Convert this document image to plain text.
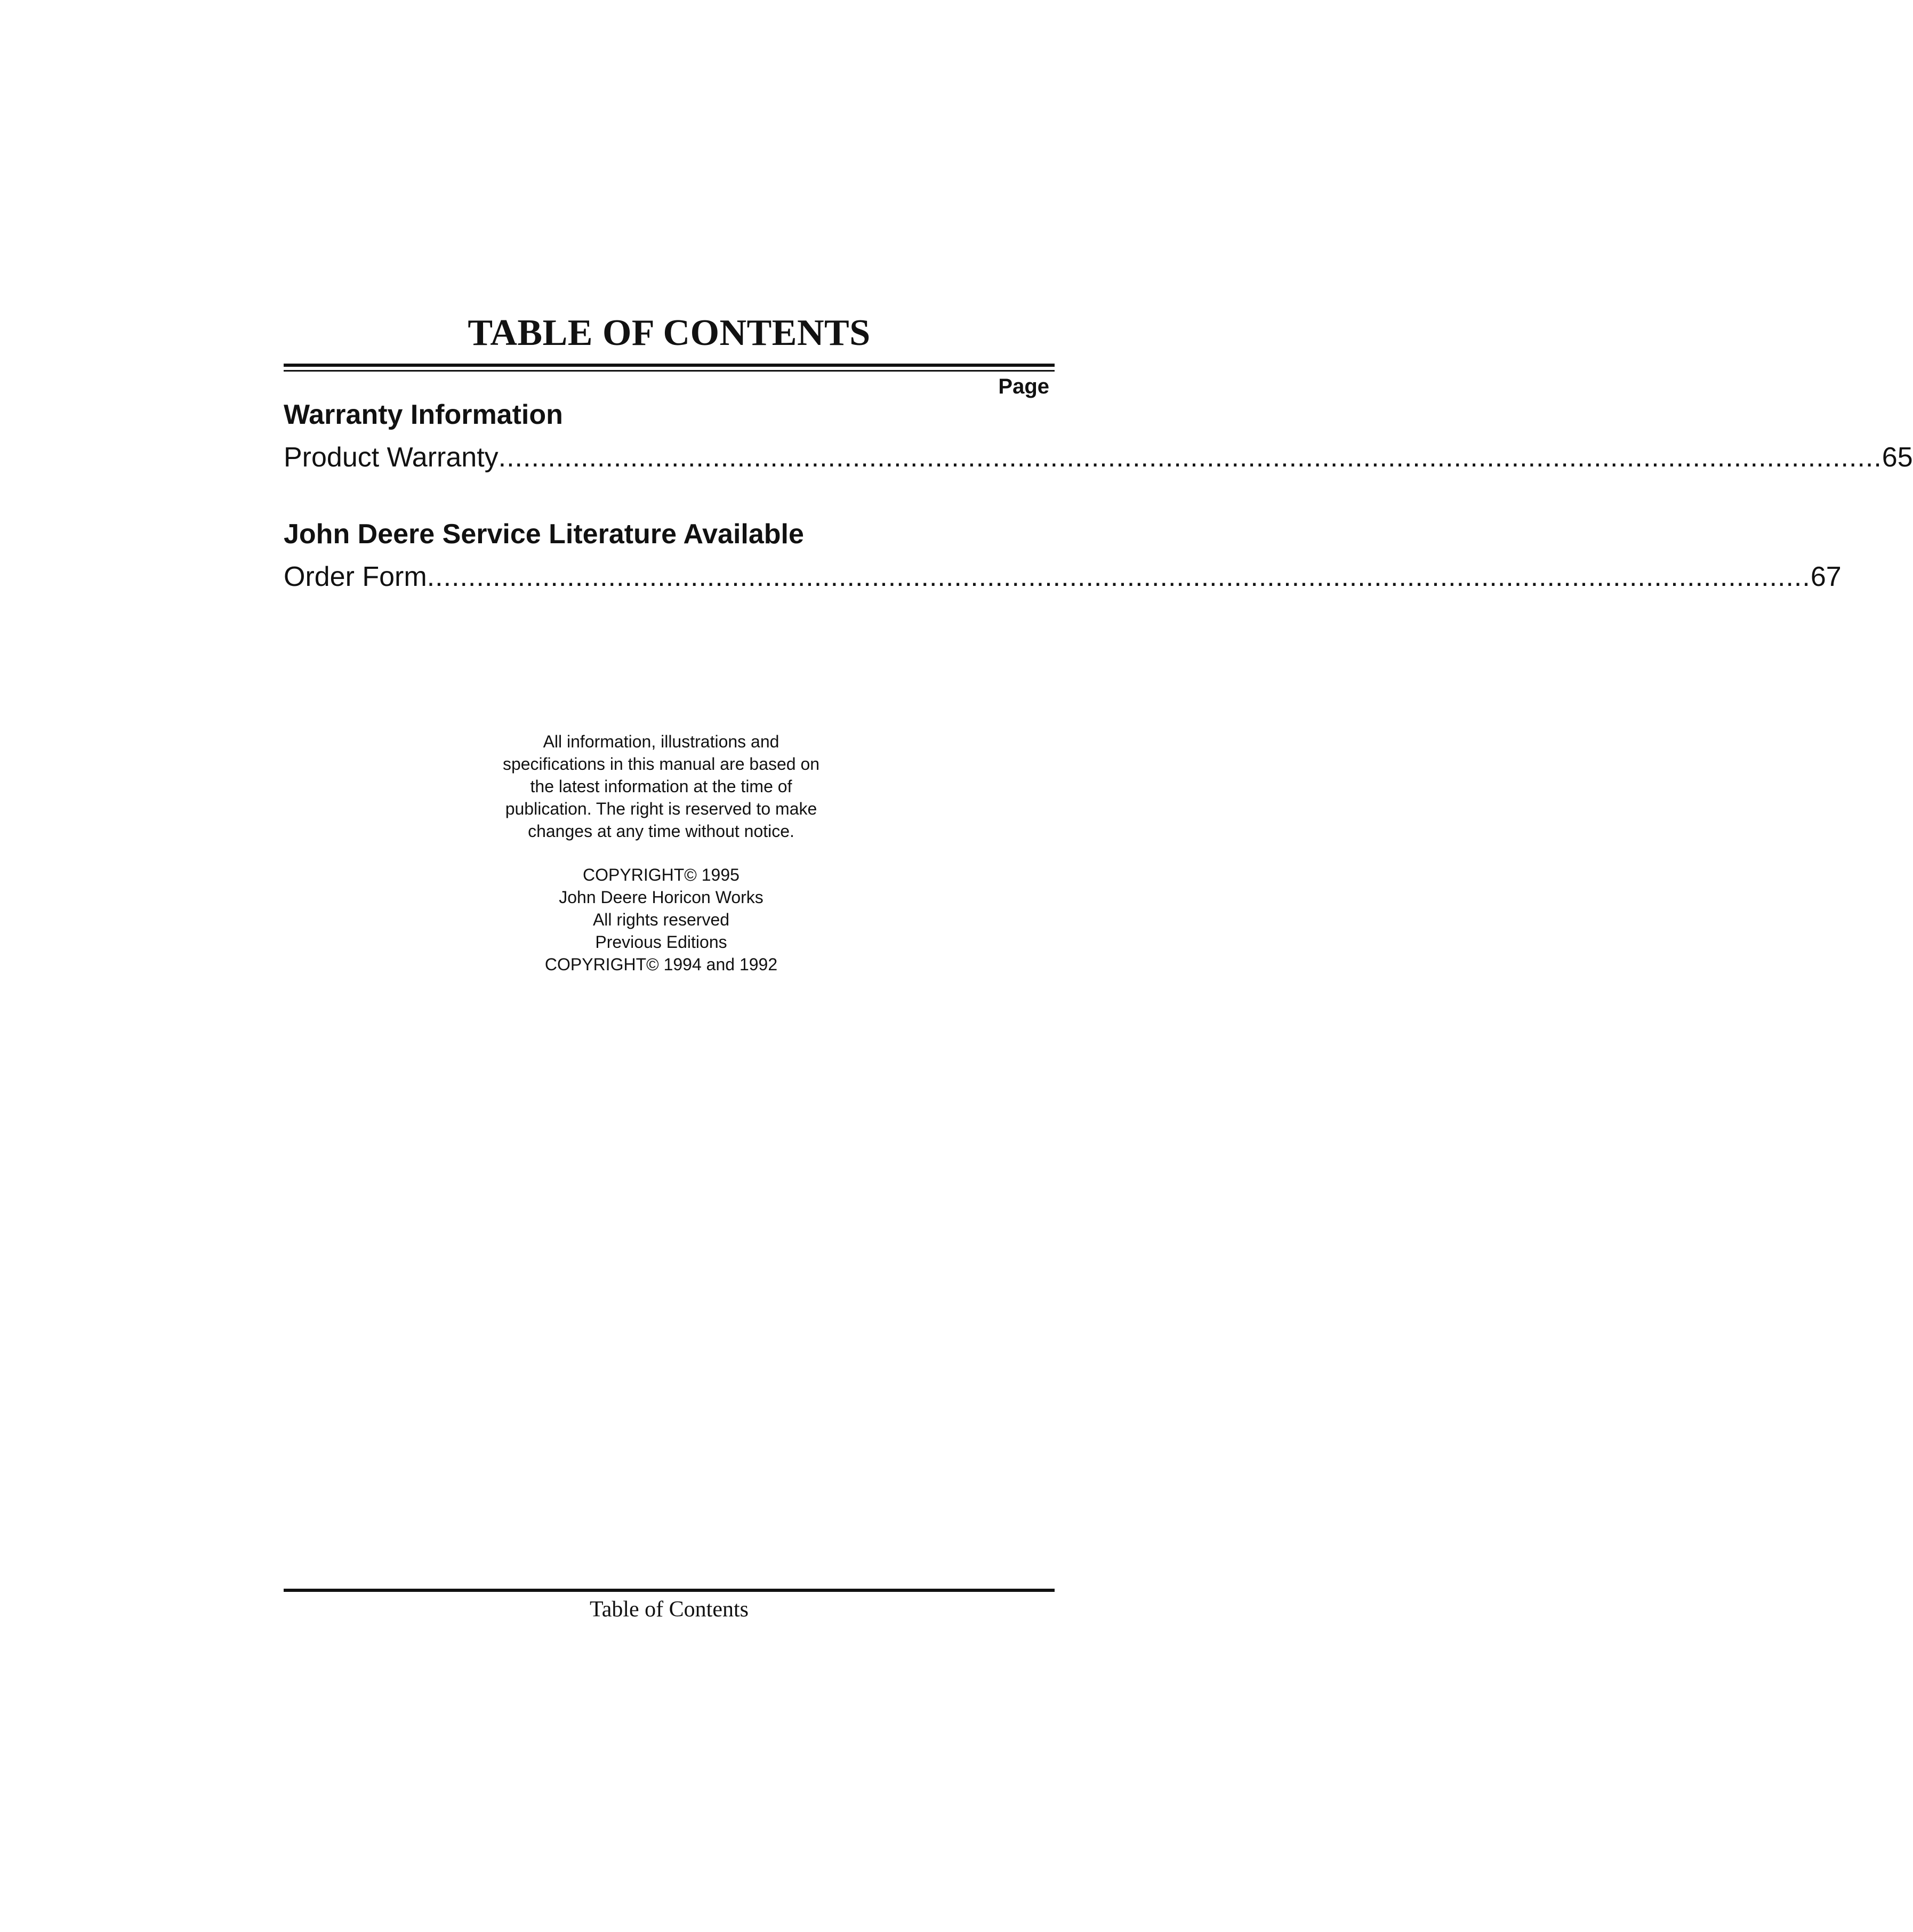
TABLE OF CONTENTS
Page
Warranty Information
Product Warranty ........................................................................................................................................................................ 65
John Deere Service Literature Available
Order Form ........................................................................................................................................................................ 67
All information, illustrations and
specifications in this manual are based on
the latest information at the time of
publication. The right is reserved to make
changes at any time without notice.
COPYRIGHT© 1995
John Deere Horicon Works
All rights reserved
Previous Editions
COPYRIGHT© 1994 and 1992
Table of Contents
